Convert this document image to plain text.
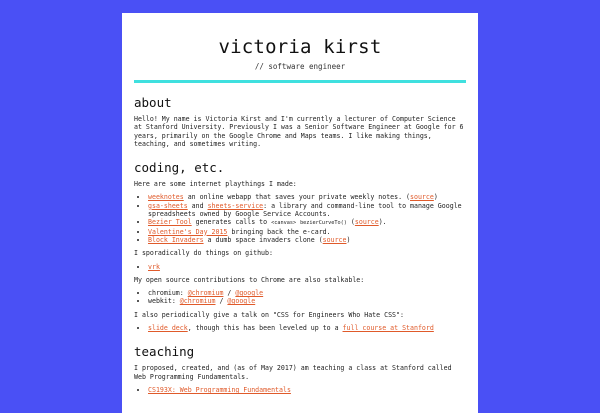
victoria kirst
// software engineer
about

Hello! My name is Victoria Kirst and I'm currently a lecturer of Computer Science at Stanford University. Previously I was a Senior Software Engineer at Google for 6 years, primarily on the Google Chrome and Maps teams. I like making things, teaching, and sometimes writing.

coding, etc.

Here are some internet playthings I made:

• weeknotes an online webapp that saves your private weekly notes. (source)
• gsa-sheets and sheets-service: a library and command-line tool to manage Google spreadsheets owned by Google Service Accounts.
• Bezier Tool generates calls to <canvas> bezierCurveTo() (source).
• Valentine's Day 2015 bringing back the e-card.
• Block Invaders a dumb space invaders clone (source)

I sporadically do things on github:

• vrk

My open source contributions to Chrome are also stalkable:

• chromium: @chromium / @google
• webkit: @chromium / @google

I also periodically give a talk on "CSS for Engineers Who Hate CSS":

• slide deck, though this has been leveled up to a full course at Stanford
teaching

I proposed, created, and (as of May 2017) am teaching a class at Stanford called Web Programming Fundamentals.

• CS193X: Web Programming Fundamentals
